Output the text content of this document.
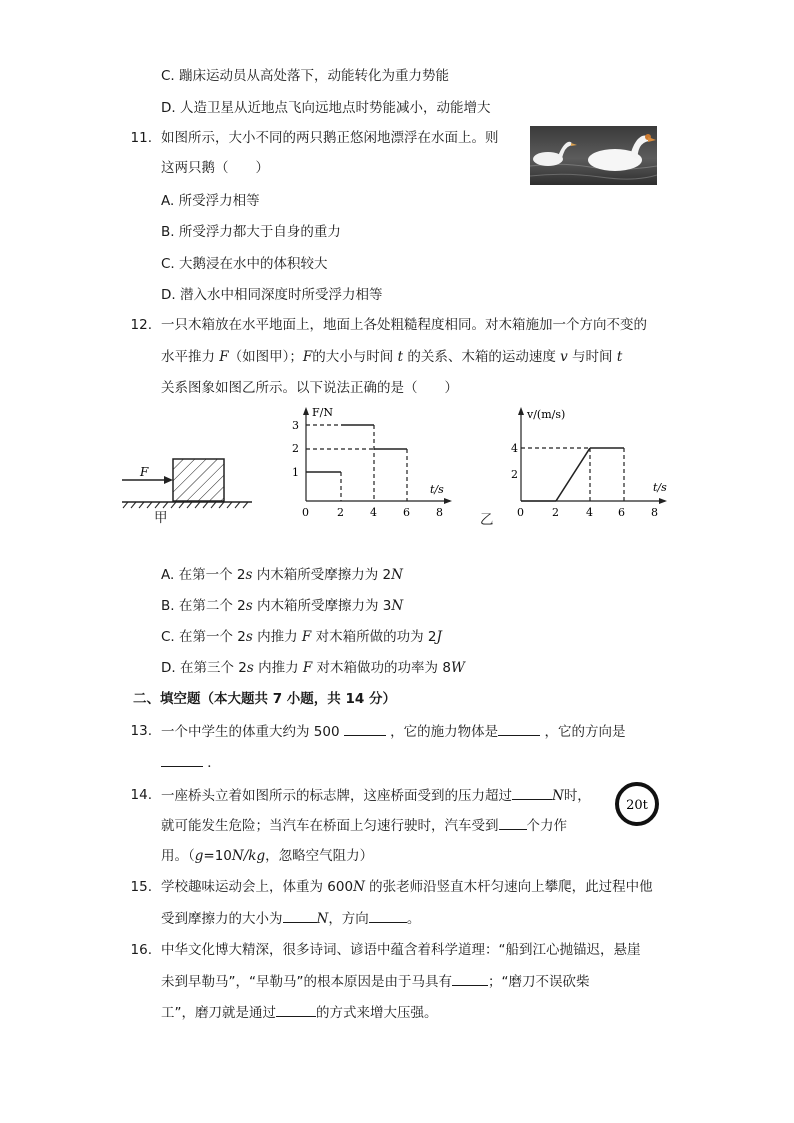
C. 蹦床运动员从高处落下，动能转化为重力势能
D. 人造卫星从近地点飞向远地点时势能减小，动能增大
11. 如图所示，大小不同的两只鹅正悠闲地漂浮在水面上。则
这两只鹅（　　）
A. 所受浮力相等
B. 所受浮力都大于自身的重力
C. 大鹅浸在水中的体积较大
D. 潜入水中相同深度时所受浮力相等
12. 一只木箱放在水平地面上，地面上各处粗糙程度相同。对木箱施加一个方向不变的
水平推力 F（如图甲）；F的大小与时间 t 的关系、木箱的运动速度 v 与时间 t
关系图象如图乙所示。以下说法正确的是（　　）
F
甲
F/N
t/s
1
2
3
0	2 4 6 8
v/(m/s)
t/s
2
4
0	2 4 6 8
乙
A. 在第一个 2s 内木箱所受摩擦力为 2N
B. 在第二个 2s 内木箱所受摩擦力为 3N
C. 在第一个 2s 内推力 F 对木箱所做的功为 2J
D. 在第三个 2s 内推力 F 对木箱做功的功率为 8W
二、填空题（本大题共 7 小题，共 14 分）
13. 一个中学生的体重大约为 500	，它的施力物体是	，它的方向是
．
14. 一座桥头立着如图所示的标志牌，这座桥面受到的压力超过	N时，
就可能发生危险；当汽车在桥面上匀速行驶时，汽车受到 个力作
用。（g=10N/kg，忽略空气阻力）
20t
15. 学校趣味运动会上，体重为 600N 的张老师沿竖直木杆匀速向上攀爬，此过程中他
受到摩擦力的大小为	N，方向	。
16. 中华文化博大精深，很多诗词、谚语中蕴含着科学道理：“船到江心抛锚迟，悬崖
未到早勒马”，“早勒马”的根本原因是由于马具有	；“磨刀不误砍柴
工”，磨刀就是通过	的方式来增大压强。
